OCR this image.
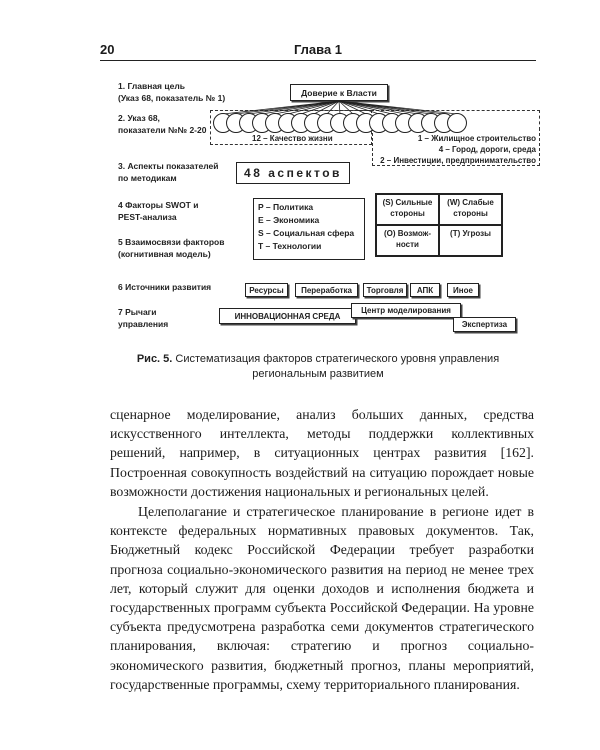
20	Глава 1
1. Главная цель
(Указ 68, показатель № 1)
2. Указ 68,
показатели №№ 2-20
3. Аспекты показателей
по методикам
4 Факторы SWOT и
PEST-анализа
5 Взаимосвязи факторов
(когнитивная модель)
6 Источники развития
7 Рычаги
управления
Доверие к Власти
12 – Качество жизни	1 – Жилищное строительство
4 – Город, дороги, среда
2 – Инвестиции, предпринимательство
48 аспектов
P – Политика
E – Экономика
S – Социальная сфера
T – Технологии
(S) Сильные
стороны
(W) Слабые
стороны
(O) Возмож-
ности
(T) Угрозы
Ресурсы	Переработка	Торговля	АПК	Иное
ИННОВАЦИОННАЯ СРЕДА
Центр моделирования
Экспертиза
Рис. 5. Систематизация факторов стратегического уровня управления
региональным развитием

сценарное моделирование, анализ больших данных, средства искусственного интеллекта, методы поддержки коллективных решений, например, в ситуационных центрах развития [162]. Построенная совокупность воздействий на ситуацию порождает новые возможности достижения национальных и региональных целей.

Целеполагание и стратегическое планирование в регионе идет в контексте федеральных нормативных правовых документов. Так, Бюджетный кодекс Российской Федерации требует разработки прогноза социально-экономического развития на период не менее трех лет, который служит для оценки доходов и исполнения бюджета и государственных программ субъекта Российской Федерации. На уровне субъекта предусмотрена разработка семи документов стратегического планирования, включая: стратегию и прогноз социально-экономического развития, бюджетный прогноз, планы мероприятий, государственные программы, схему территориального планирования.
